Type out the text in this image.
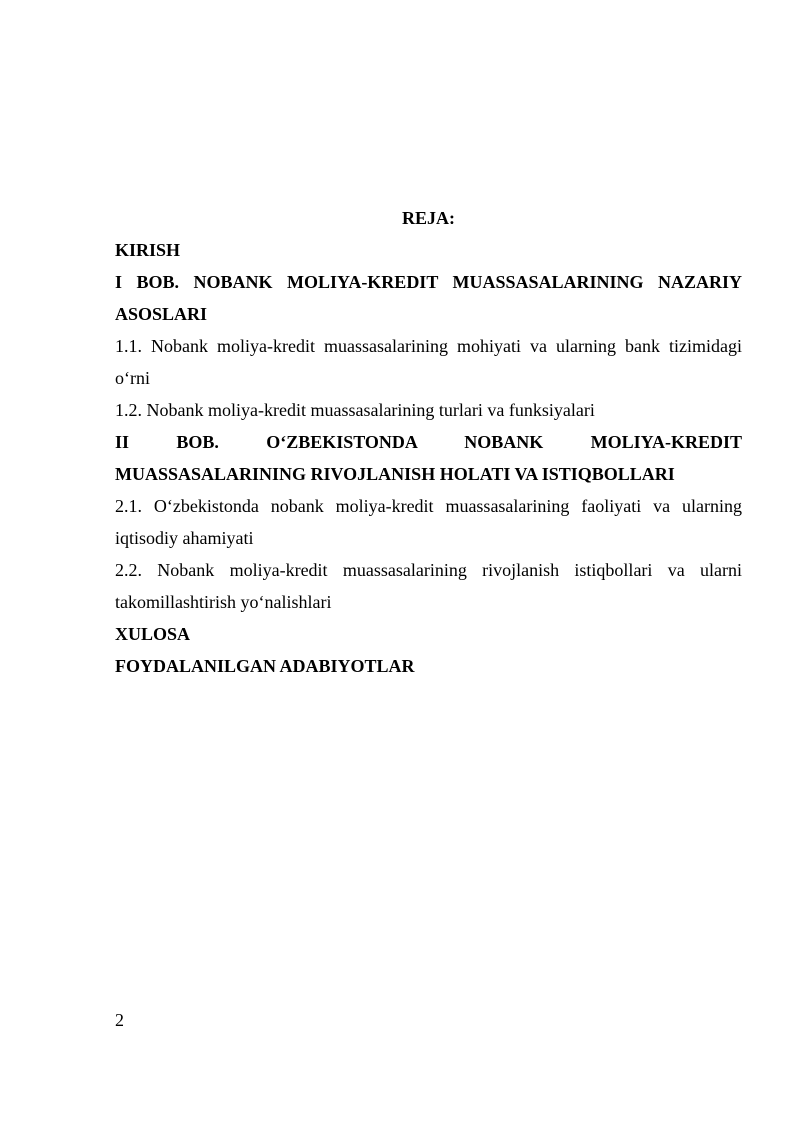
REJA:

KIRISH

I BOB. NOBANK MOLIYA-KREDIT MUASSASALARINING NAZARIY

ASOSLARI

1.1. Nobank moliya-kredit muassasalarining mohiyati va ularning bank tizimidagi

o‘rni

1.2. Nobank moliya-kredit muassasalarining turlari va funksiyalari

II BOB. O‘ZBEKISTONDA NOBANK MOLIYA-KREDIT

MUASSASALARINING RIVOJLANISH HOLATI VA ISTIQBOLLARI

2.1. O‘zbekistonda nobank moliya-kredit muassasalarining faoliyati va ularning

iqtisodiy ahamiyati

2.2. Nobank moliya-kredit muassasalarining rivojlanish istiqbollari va ularni

takomillashtirish yo‘nalishlari

XULOSA

FOYDALANILGAN ADABIYOTLAR

2
